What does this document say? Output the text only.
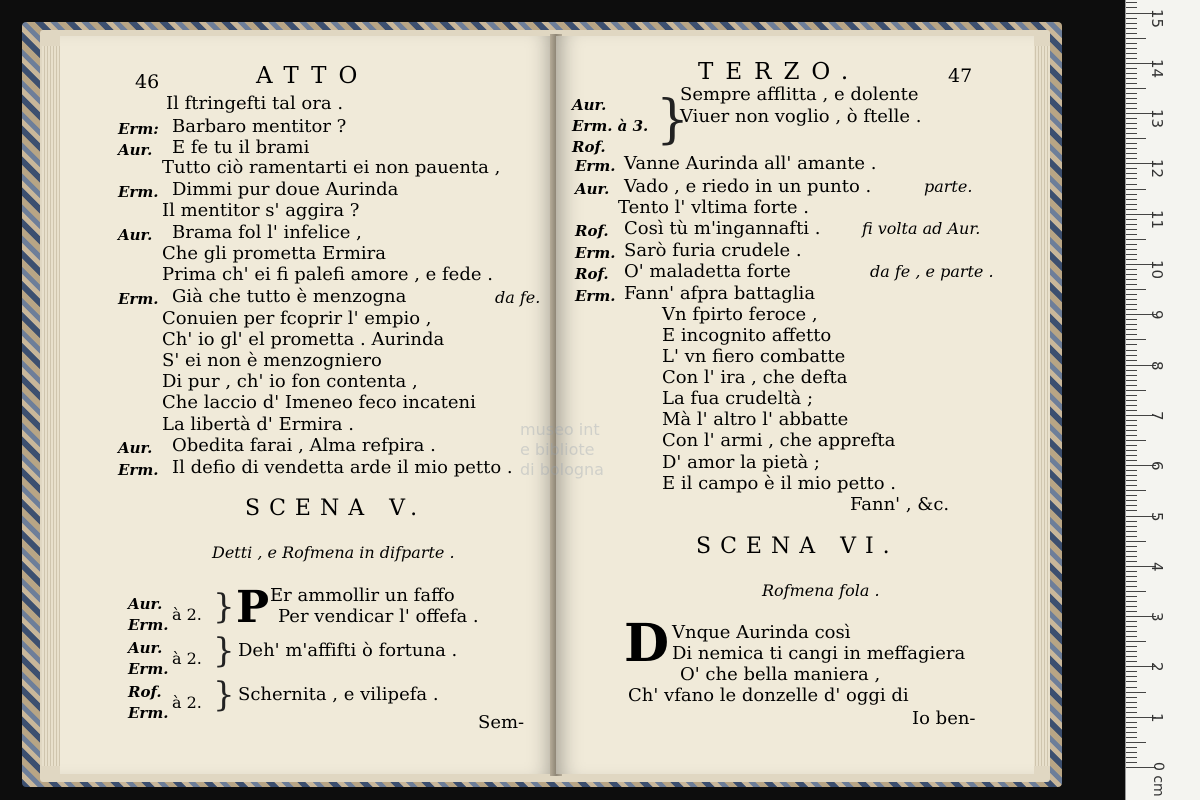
46	ATTO
Il ftringefti tal ora .
Erm: Barbaro mentitor ?
Aur. E fe tu il brami
Tutto ciò ramentarti ei non pauenta ,
Erm. Dimmi pur doue Aurinda
Il mentitor s' aggira ?
Aur. Brama fol l' infelice ,
Che gli prometta Ermira
Prima ch' ei fi palefi amore , e fede .
Erm. Già che tutto è menzogna
Conuien per fcoprir l' empio ,
Ch' io gl' el prometta . Aurinda
S' ei non è menzogniero
Di pur , ch' io fon contenta ,
Che laccio d' Imeneo feco incateni
La libertà d' Ermira .
Aur. Obedita farai , Alma refpira .
Erm. Il defio di vendetta arde il mio petto .
da fe.
SCENA V.
Detti , e Rofmena in difparte .
Aur.
Erm.
à 2. } P Er ammollir un faffo
Per vendicar l' offefa .
Aur.
Erm.
à 2. } Deh' m'affifti ò fortuna .
Rof.
Erm.
à 2. } Schernita , e vilipefa .
Sem-
TERZO.	47
Aur.
Erm. à 3.
Rof. }
Sempre afflitta , e dolente
Viuer non voglio , ò ftelle .
Erm. Vanne Aurinda all' amante .
Aur. Vado , e riedo in un punto .
Tento l' vltima forte .
Rof. Così tù m'ingannafti .
Erm. Sarò furia crudele .
Rof. O' maladetta forte
Erm. Fann' afpra battaglia
Vn fpirto feroce ,
E incognito affetto
L' vn fiero combatte
Con l' ira , che defta
La fua crudeltà ;
Mà l' altro l' abbatte
Con l' armi , che apprefta
D' amor la pietà ;
E il campo è il mio petto .
parte.
fi volta ad Aur.
da fe , e parte .
Fann' , &c.
SCENA VI.
Rofmena fola .
D Vnque Aurinda così
Di nemica ti cangi in meffagiera
O' che bella maniera ,
Ch' vfano le donzelle d' oggi di
Io ben-
museo int
e bibliote
di bologna
1
2
3
4
5
6
7
8
9
10
11
12
13
14
15
0 cm
